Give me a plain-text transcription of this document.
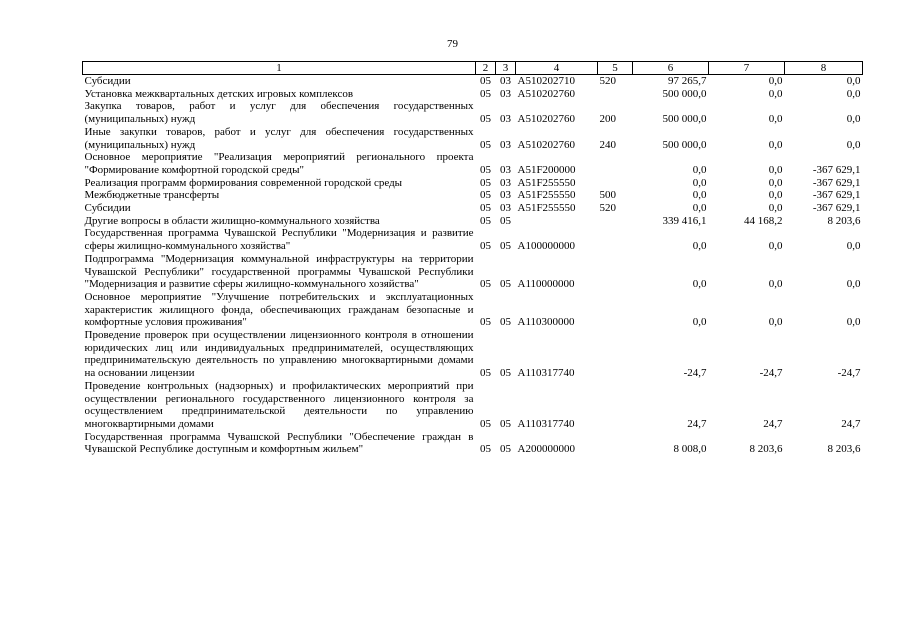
79
1	2	3	4	5	6	7	8
Субсидии	05	03	А510202710	520	97 265,7	0,0	0,0
Установка межквартальных детских игровых комплексов	05	03	А510202760		500 000,0	0,0	0,0
Закупка товаров, работ и услуг для обеспечения государственных (муниципальных) нужд	05	03	А510202760	200	500 000,0	0,0	0,0
Иные закупки товаров, работ и услуг для обеспечения государственных (муниципальных) нужд	05	03	А510202760	240	500 000,0	0,0	0,0
Основное мероприятие "Реализация мероприятий регионального проекта "Формирование комфортной городской среды"	05	03	А51F200000		0,0	0,0	-367 629,1
Реализация программ формирования современной городской среды	05	03	А51F255550		0,0	0,0	-367 629,1
Межбюджетные трансферты	05	03	А51F255550	500	0,0	0,0	-367 629,1
Субсидии	05	03	А51F255550	520	0,0	0,0	-367 629,1
Другие вопросы в области жилищно-коммунального хозяйства	05	05			339 416,1	44 168,2	8 203,6
Государственная программа Чувашской Республики "Модернизация и развитие сферы жилищно-коммунального хозяйства"	05	05	А100000000		0,0	0,0	0,0
Подпрограмма "Модернизация коммунальной инфраструктуры на территории Чувашской Республики" государственной программы Чувашской Республики "Модернизация и развитие сферы жилищно-коммунального хозяйства"	05	05	А110000000		0,0	0,0	0,0
Основное мероприятие "Улучшение потребительских и эксплуатационных характеристик жилищного фонда, обеспечивающих гражданам безопасные и комфортные условия проживания"	05	05	А110300000		0,0	0,0	0,0
Проведение проверок при осуществлении лицензионного контроля в отношении юридических лиц или индивидуальных предпринимателей, осуществляющих предпринимательскую деятельность по управлению многоквартирными домами на основании лицензии	05	05	А110317740		-24,7	-24,7	-24,7
Проведение контрольных (надзорных) и профилактических мероприятий при осуществлении регионального государственного лицензионного контроля за осуществлением предпринимательской деятельности по управлению многоквартирными домами	05	05	А110317740		24,7	24,7	24,7
Государственная программа Чувашской Республики "Обеспечение граждан в Чувашской Республике доступным и комфортным жильем"	05	05	А200000000		8 008,0	8 203,6	8 203,6
